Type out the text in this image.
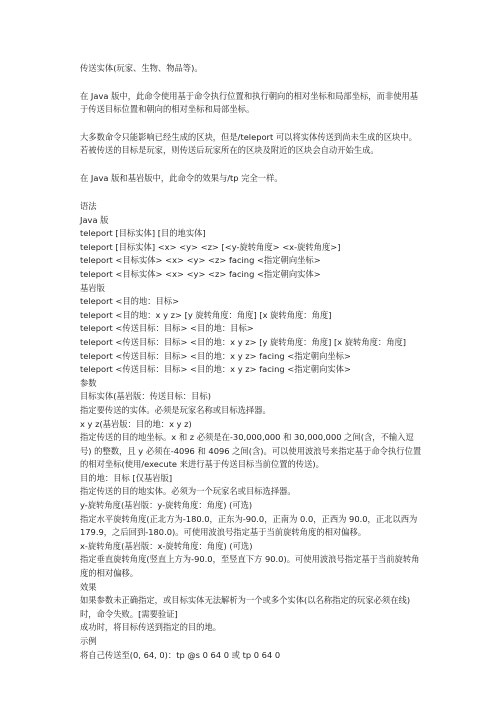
传送实体(玩家、生物、物品等)。

在 Java 版中，此命令使用基于命令执行位置和执行朝向的相对坐标和局部坐标，而非使用基于传送目标位置和朝向的相对坐标和局部坐标。

大多数命令只能影响已经生成的区块，但是/teleport 可以将实体传送到尚未生成的区块中。若被传送的目标是玩家，则传送后玩家所在的区块及附近的区块会自动开始生成。

在 Java 版和基岩版中，此命令的效果与/tp 完全一样。

语法
Java 版
teleport [目标实体] [目的地实体]
teleport [目标实体] <x> <y> <z> [<y-旋转角度> <x-旋转角度>]
teleport <目标实体> <x> <y> <z> facing <指定朝向坐标>
teleport <目标实体> <x> <y> <z> facing <指定朝向实体>
基岩版
teleport <目的地：目标>
teleport <目的地：x y z> [y 旋转角度：角度] [x 旋转角度：角度]
teleport <传送目标：目标> <目的地：目标>
teleport <传送目标：目标> <目的地：x y z> [y 旋转角度：角度] [x 旋转角度：角度]
teleport <传送目标：目标> <目的地：x y z> facing <指定朝向坐标>
teleport <传送目标：目标> <目的地：x y z> facing <指定朝向实体>
参数
目标实体(基岩版：传送目标：目标)
指定要传送的实体。必须是玩家名称或目标选择器。
x y z(基岩版：目的地：x y z)
指定传送的目的地坐标。x 和 z 必须是在-30,000,000 和 30,000,000 之间(含，不输入逗号) 的整数，且 y 必须在-4096 和 4096 之间(含)。可以使用波浪号来指定基于命令执行位置的相对坐标(使用/execute 来进行基于传送目标当前位置的传送)。
目的地：目标 [仅基岩版]
指定传送的目的地实体。必须为一个玩家名或目标选择器。
y-旋转角度(基岩版：y-旋转角度：角度) (可选)
指定水平旋转角度(正北方为-180.0，正东为-90.0，正南为 0.0，正西为 90.0，正北以西为 179.9，之后回到-180.0)。可使用波浪号指定基于当前旋转角度的相对偏移。
x-旋转角度(基岩版：x-旋转角度：角度) (可选)
指定垂直旋转角度(竖直上方为-90.0，至竖直下方 90.0)。可使用波浪号指定基于当前旋转角度的相对偏移。
效果
如果参数未正确指定，或目标实体无法解析为一个或多个实体(以名称指定的玩家必须在线)时，命令失败。[需要验证]
成功时，将目标传送到指定的目的地。
示例
将自己传送至(0, 64, 0)：tp @s 0 64 0 或 tp 0 64 0
